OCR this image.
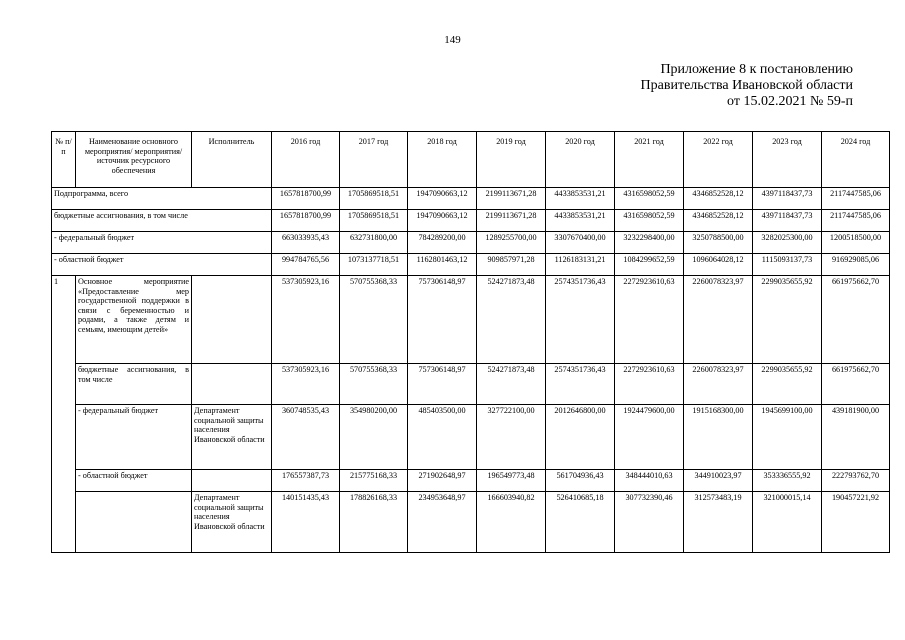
149
Приложение 8 к постановлению
Правительства Ивановской области
от 15.02.2021 № 59-п
№ п/п	Наименование основного мероприятия/ мероприятия/ источник ресурсного обеспечения	Исполнитель	2016 год	2017 год	2018 год	2019 год	2020 год	2021 год	2022 год	2023 год	2024 год
Подпрограмма, всего			1657818700,99	1705869518,51	1947090663,12	2199113671,28	4433853531,21	4316598052,59	4346852528,12	4397118437,73	2117447585,06
бюджетные ассигнования, в том числе			1657818700,99	1705869518,51	1947090663,12	2199113671,28	4433853531,21	4316598052,59	4346852528,12	4397118437,73	2117447585,06
- федеральный бюджет			663033935,43	632731800,00	784289200,00	1289255700,00	3307670400,00	3232298400,00	3250788500,00	3282025300,00	1200518500,00
- областной бюджет			994784765,56	1073137718,51	1162801463,12	909857971,28	1126183131,21	1084299652,59	1096064028,12	1115093137,73	916929085,06
1	Основное мероприятие «Предоставление мер государственной поддержки в связи с беременностью и родами, а также детям и семьям, имеющим детей»		537305923,16	570755368,33	757306148,97	524271873,48	2574351736,43	2272923610,63	2260078323,97	2299035655,92	661975662,70
	бюджетные ассигнования, в том числе		537305923,16	570755368,33	757306148,97	524271873,48	2574351736,43	2272923610,63	2260078323,97	2299035655,92	661975662,70
	- федеральный бюджет	Департамент социальной защиты населения Ивановской области	360748535,43	354980200,00	485403500,00	327722100,00	2012646800,00	1924479600,00	1915168300,00	1945699100,00	439181900,00
	- областной бюджет		176557387,73	215775168,33	271902648,97	196549773,48	561704936,43	348444010,63	344910023,97	353336555,92	222793762,70
		Департамент социальной защиты населения Ивановской области	140151435,43	178826168,33	234953648,97	166603940,82	526410685,18	307732390,46	312573483,19	321000015,14	190457221,92
